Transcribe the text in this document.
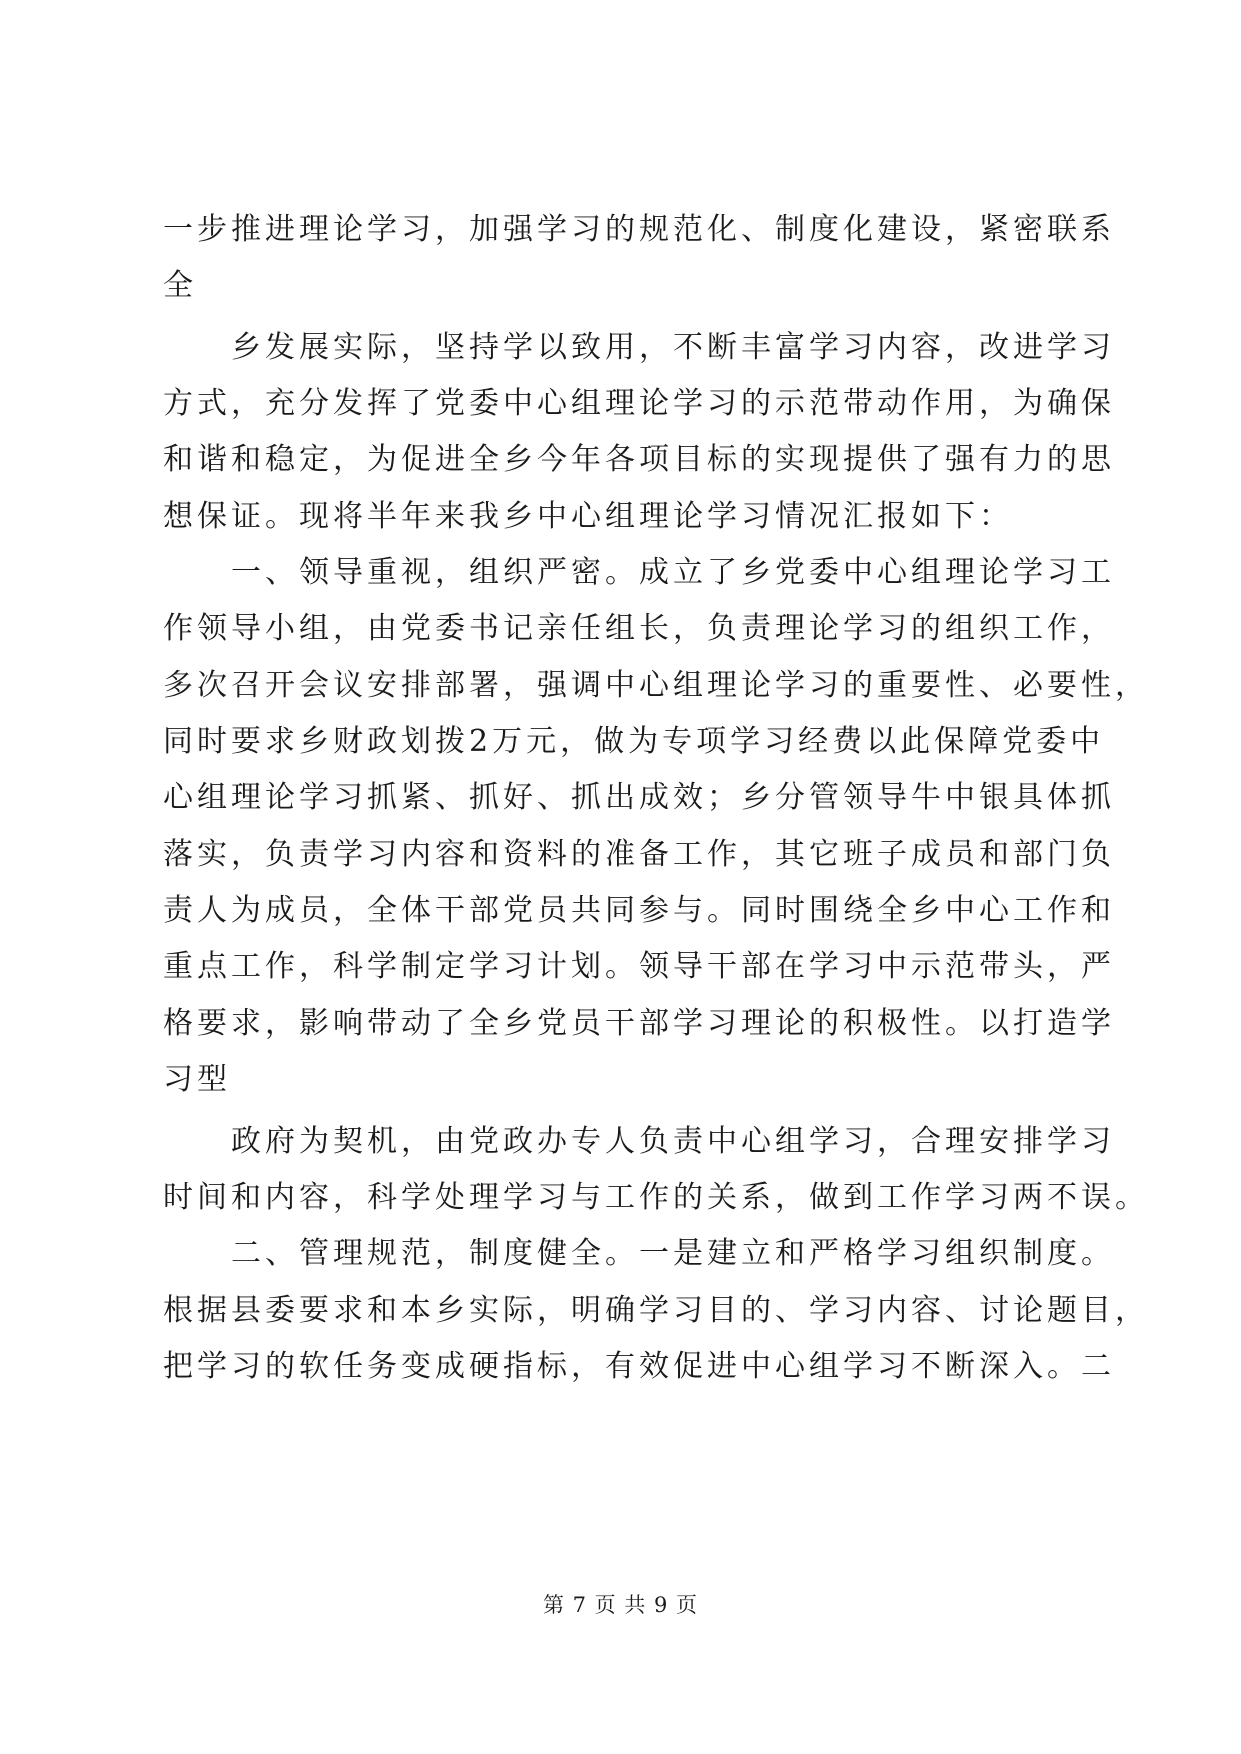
一步推进理论学习，加强学习的规范化、制度化建设，紧密联系
全
乡发展实际，坚持学以致用，不断丰富学习内容，改进学习
方式，充分发挥了党委中心组理论学习的示范带动作用，为确保
和谐和稳定，为促进全乡今年各项目标的实现提供了强有力的思
想保证。现将半年来我乡中心组理论学习情况汇报如下：
一、领导重视，组织严密。成立了乡党委中心组理论学习工
作领导小组，由党委书记亲任组长，负责理论学习的组织工作，
多次召开会议安排部署，强调中心组理论学习的重要性、必要性，
同时要求乡财政划拨2万元，做为专项学习经费以此保障党委中
心组理论学习抓紧、抓好、抓出成效；乡分管领导牛中银具体抓
落实，负责学习内容和资料的准备工作，其它班子成员和部门负
责人为成员，全体干部党员共同参与。同时围绕全乡中心工作和
重点工作，科学制定学习计划。领导干部在学习中示范带头，严
格要求，影响带动了全乡党员干部学习理论的积极性。以打造学
习型
政府为契机，由党政办专人负责中心组学习，合理安排学习
时间和内容，科学处理学习与工作的关系，做到工作学习两不误。
二、管理规范，制度健全。一是建立和严格学习组织制度。
根据县委要求和本乡实际，明确学习目的、学习内容、讨论题目，
把学习的软任务变成硬指标，有效促进中心组学习不断深入。二
第 7 页 共 9 页
